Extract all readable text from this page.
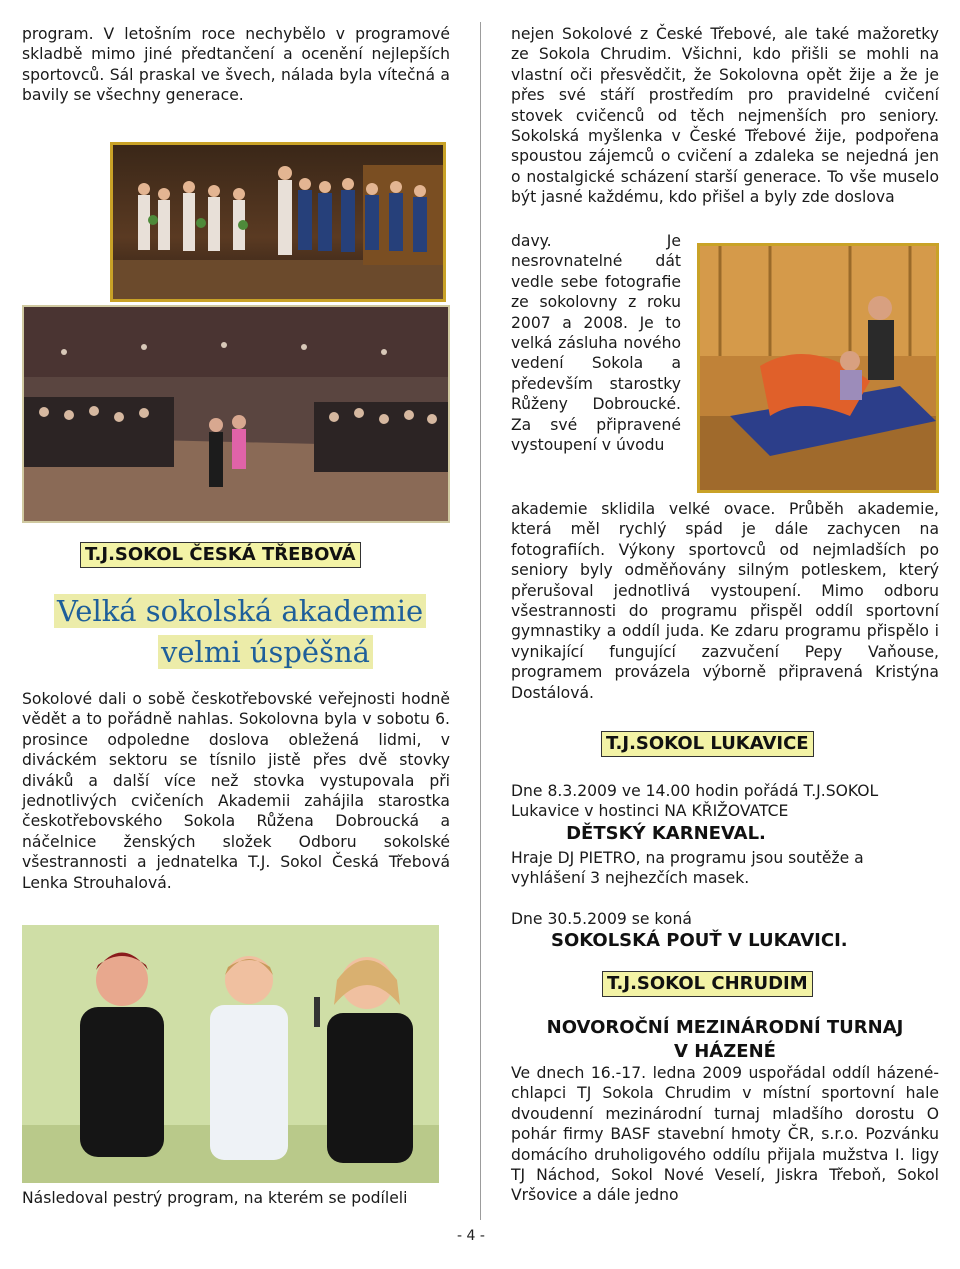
program. V letošním roce nechybělo v programové skladbě mimo jiné předtančení a ocenění nejlepších sportovců. Sál praskal ve švech, nálada byla vítečná a bavily se všechny generace.

T.J.SOKOL ČESKÁ TŘEBOVÁ
Velká sokolská akademie
velmi úspěšná

Sokolové dali o sobě českotřebovské veřejnosti hodně vědět a to pořádně nahlas. Sokolovna byla v sobotu 6. prosince odpoledne doslova obležená lidmi, v diváckém sektoru se tísnilo jistě přes dvě stovky diváků a další více než stovka vystupovala při jednotlivých cvičeních Akademii zahájila starostka českotřebovského Sokola Růžena Dobroucká a náčelnice ženských složek Odboru sokolské všestrannosti a jednatelka T.J. Sokol Česká Třebová Lenka Strouhalová.

Následoval pestrý program, na kterém se podíleli

- 4 -

nejen Sokolové z České Třebové, ale také mažoretky ze Sokola Chrudim. Všichni, kdo přišli se mohli na vlastní oči přesvědčit, že Sokolovna opět žije a že je přes své stáří prostředím pro pravidelné cvičení stovek cvičenců od těch nejmenších pro seniory. Sokolská myšlenka v České Třebové žije, podpořena spoustou zájemců o cvičení a zdaleka se nejedná jen o nostalgické scházení starší generace. To vše muselo být jasné každému, kdo přišel a byly zde doslova

davy. Je nesrovnatelné dát vedle sebe fotografie ze sokolovny z roku 2007 a 2008. Je to velká zásluha nového vedení Sokola a především starostky Růženy Dobroucké. Za své připravené vystoupení v úvodu

akademie sklidila velké ovace. Průběh akademie, která měl rychlý spád je dále zachycen na fotografiích. Výkony sportovců od nejmladších po seniory byly odměňovány silným potleskem, který přerušoval jednotlivá vystoupení. Mimo odboru všestrannosti do programu přispěl oddíl sportovní gymnastiky a oddíl juda. Ke zdaru programu přispělo i vynikající fungující zazvučení Pepy Vaňouse, programem provázela výborně připravená Kristýna Dostálová.

T.J.SOKOL LUKAVICE

Dne 8.3.2009 ve 14.00 hodin pořádá T.J.SOKOL Lukavice v hostinci NA KŘIŽOVATCE

DĚTSKÝ KARNEVAL.

Hraje DJ PIETRO, na programu jsou soutěže a vyhlášení 3 nejhezčích masek.

Dne 30.5.2009 se koná

SOKOLSKÁ POUŤ V LUKAVICI.
T.J.SOKOL CHRUDIM
NOVOROČNÍ MEZINÁRODNÍ TURNAJ
V HÁZENÉ

Ve dnech 16.-17. ledna 2009 uspořádal oddíl házené-chlapci TJ Sokola Chrudim v místní sportovní hale dvoudenní mezinárodní turnaj mladšího dorostu O pohár firmy BASF stavební hmoty ČR, s.r.o. Pozvánku domácího druholigového oddílu přijala mužstva I. ligy TJ Náchod, Sokol Nové Veselí, Jiskra Třeboň, Sokol Vršovice a dále jedno
